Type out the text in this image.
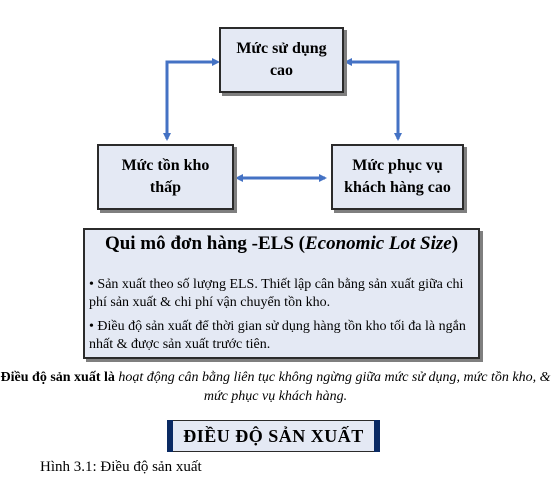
Mức sử dụng
cao
Mức tồn kho
thấp
Mức phục vụ
khách hàng cao
Qui mô đơn hàng -ELS (Economic Lot Size)
• Sản xuất theo số lượng ELS. Thiết lập cân bằng sản xuất giữa chi phí sản xuất & chi phí vận chuyển tồn kho.
• Điều độ sản xuất để thời gian sử dụng hàng tồn kho tối đa là ngắn nhất & được sản xuất trước tiên.
Điều độ sản xuất là hoạt động cân bằng liên tục không ngừng giữa mức sử dụng, mức tồn kho, & mức phục vụ khách hàng.
ĐIỀU ĐỘ SẢN XUẤT
Hình 3.1: Điều độ sản xuất
